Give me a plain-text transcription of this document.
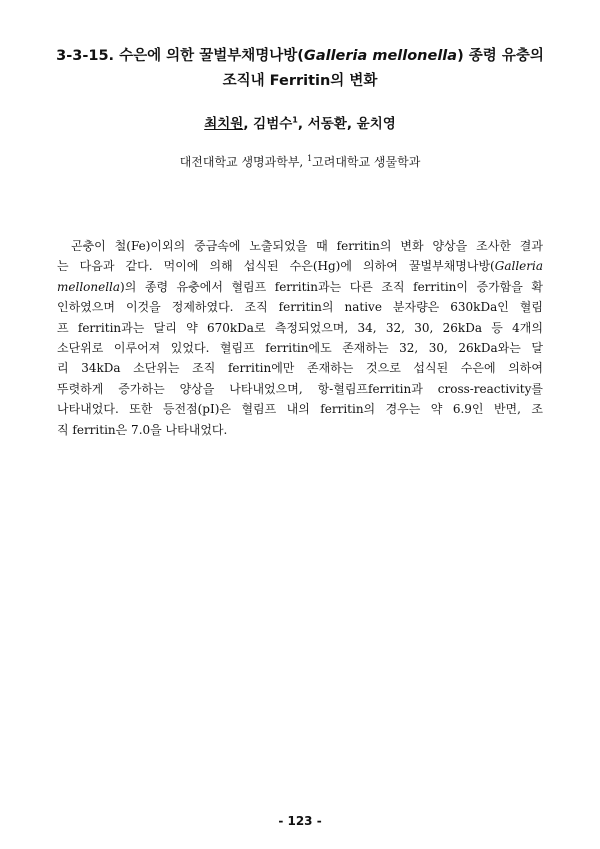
3-3-15. 수은에 의한 꿀벌부채명나방(Galleria mellonella) 종령 유충의
조직내 Ferritin의 변화
최치원, 김범수$^1$, 서동환, 윤치영
대전대학교 생명과학부, $^1$고려대학교 생물학과
곤충이 철(Fe)이외의 중금속에 노출되었을 때 ferritin의 변화 양상을 조사한 결과
는 다음과 같다. 먹이에 의해 섭식된 수은(Hg)에 의하여 꿀벌부채명나방(Galleria
mellonella)의 종령 유충에서 혈림프 ferritin과는 다른 조직 ferritin이 증가함을 확
인하였으며 이것을 정제하였다. 조직 ferritin의 native 분자량은 630kDa인 혈림
프 ferritin과는 달리 약 670kDa로 측정되었으며, 34, 32, 30, 26kDa 등 4개의
소단위로 이루어져 있었다. 혈림프 ferritin에도 존재하는 32, 30, 26kDa와는 달
리 34kDa 소단위는 조직 ferritin에만 존재하는 것으로 섭식된 수은에 의하여
뚜렷하게 증가하는 양상을 나타내었으며, 항-혈림프ferritin과 cross-reactivity를
나타내었다. 또한 등전점(pI)은 혈림프 내의 ferritin의 경우는 약 6.9인 반면, 조
직 ferritin은 7.0을 나타내었다.
- 123 -
